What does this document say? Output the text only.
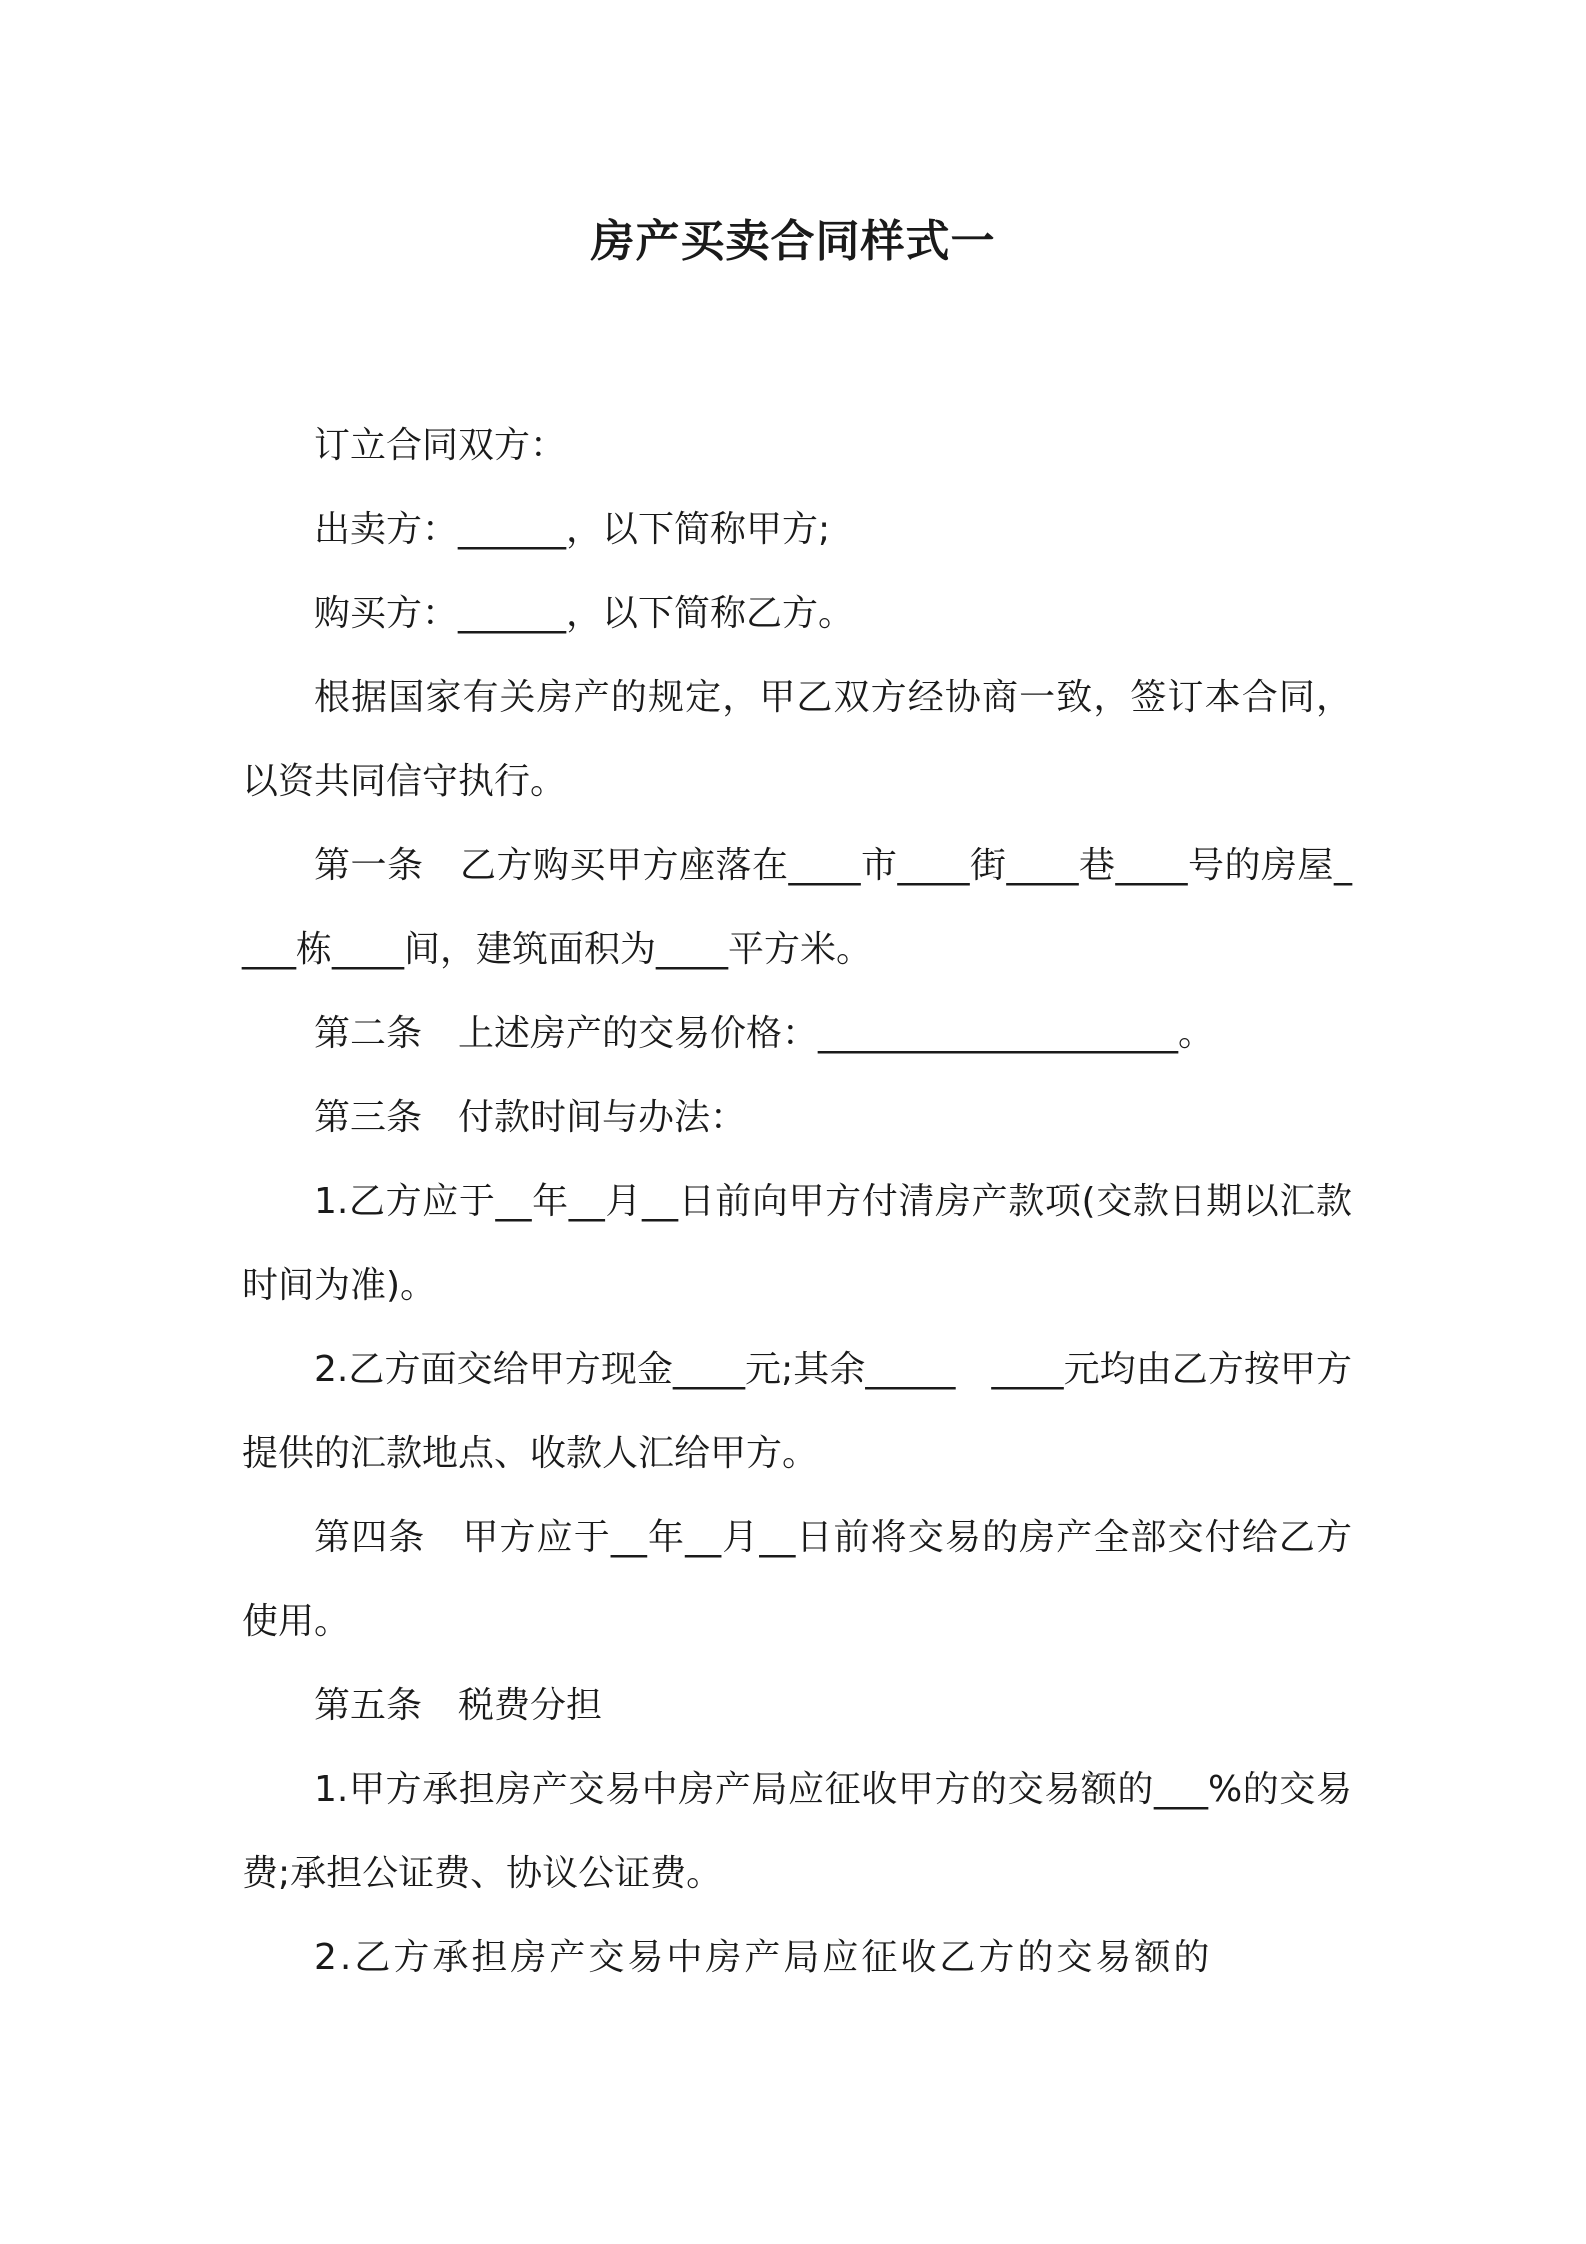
房产买卖合同样式一

订立合同双方：

出卖方：______，以下简称甲方;

购买方：______，以下简称乙方。

根据国家有关房产的规定，甲乙双方经协商一致，签订本合同，以资共同信守执行。

第一条　乙方购买甲方座落在____市____街____巷____号的房屋____栋____间，建筑面积为____平方米。

第二条　上述房产的交易价格：____________________。

第三条　付款时间与办法：

1.乙方应于__年__月__日前向甲方付清房产款项(交款日期以汇款时间为准)。

2.乙方面交给甲方现金____元;其余_____　____元均由乙方按甲方提供的汇款地点、收款人汇给甲方。

第四条　甲方应于__年__月__日前将交易的房产全部交付给乙方使用。

第五条　税费分担

1.甲方承担房产交易中房产局应征收甲方的交易额的___%的交易费;承担公证费、协议公证费。

2.乙方承担房产交易中房产局应征收乙方的交易额的
